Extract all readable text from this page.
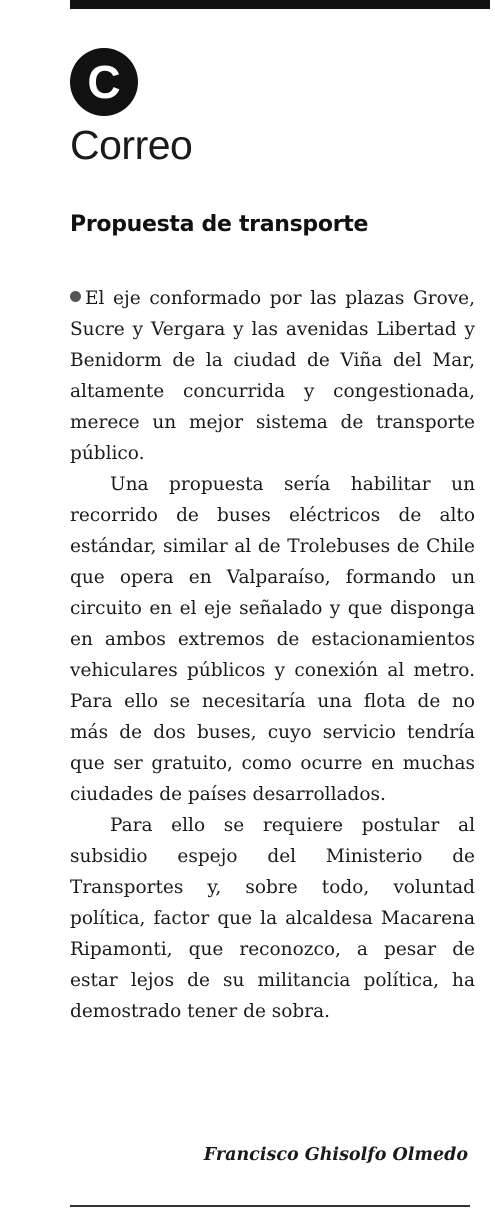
C
Correo
Propuesta de transporte

El eje conformado por las plazas Grove, Sucre y Vergara y las avenidas Libertad y Benidorm de la ciudad de Viña del Mar, altamente concurrida y congestionada, merece un mejor sistema de transporte público.

Una propuesta sería habilitar un recorrido de buses eléctricos de alto estándar, similar al de Trolebuses de Chile que opera en Valparaíso, formando un circuito en el eje señalado y que disponga en ambos extremos de estacionamientos vehiculares públicos y conexión al metro. Para ello se necesitaría una flota de no más de dos buses, cuyo servicio tendría que ser gratuito, como ocurre en muchas ciudades de países desarrollados.

Para ello se requiere postular al subsidio espejo del Ministerio de Transportes y, sobre todo, voluntad política, factor que la alcaldesa Macarena Ripamonti, que reconozco, a pesar de estar lejos de su militancia política, ha demostrado tener de sobra.

Francisco Ghisolfo Olmedo
